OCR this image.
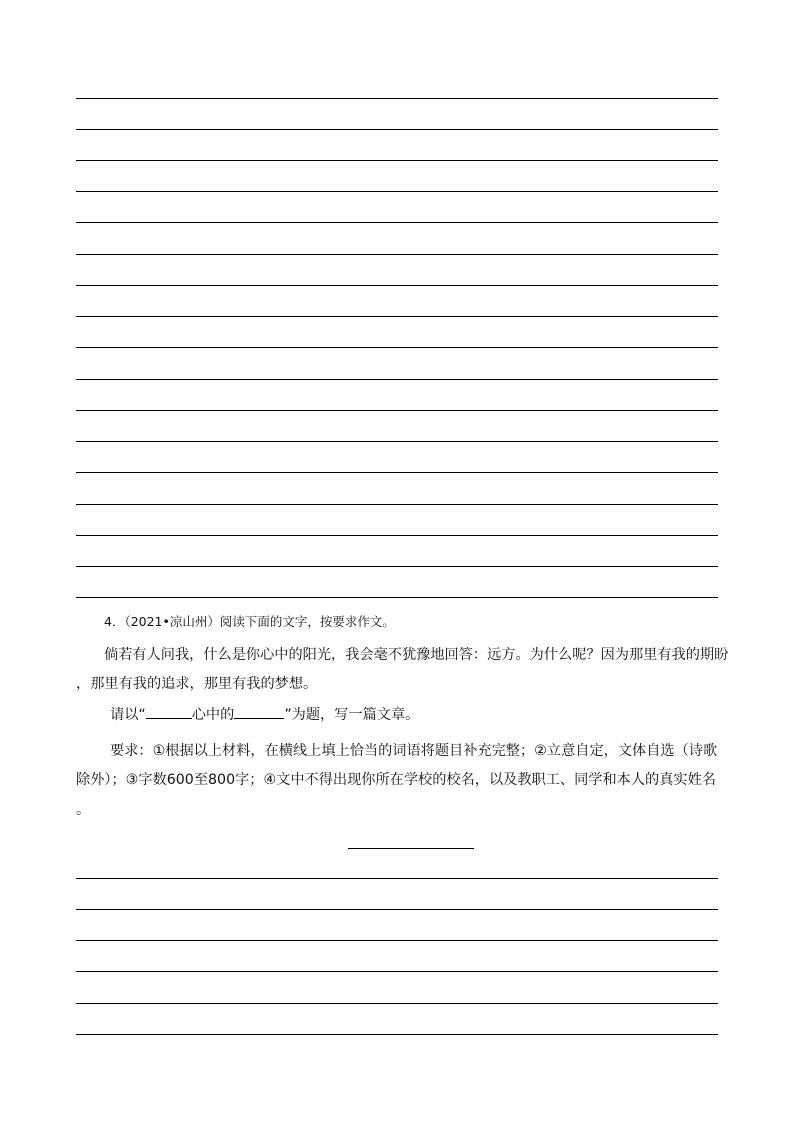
4．（2021•凉山州）阅读下面的文字，按要求作文。
倘若有人问我，什么是你心中的阳光，我会毫不犹豫地回答：远方。为什么呢？因为那里有我的期盼
，那里有我的追求，那里有我的梦想。
请以“	心中的	”为题，写一篇文章。
要求：①根据以上材料，在横线上填上恰当的词语将题目补充完整；②立意自定，文体自选（诗歌
除外）；③字数600至800字；④文中不得出现你所在学校的校名，以及教职工、同学和本人的真实姓名
。
